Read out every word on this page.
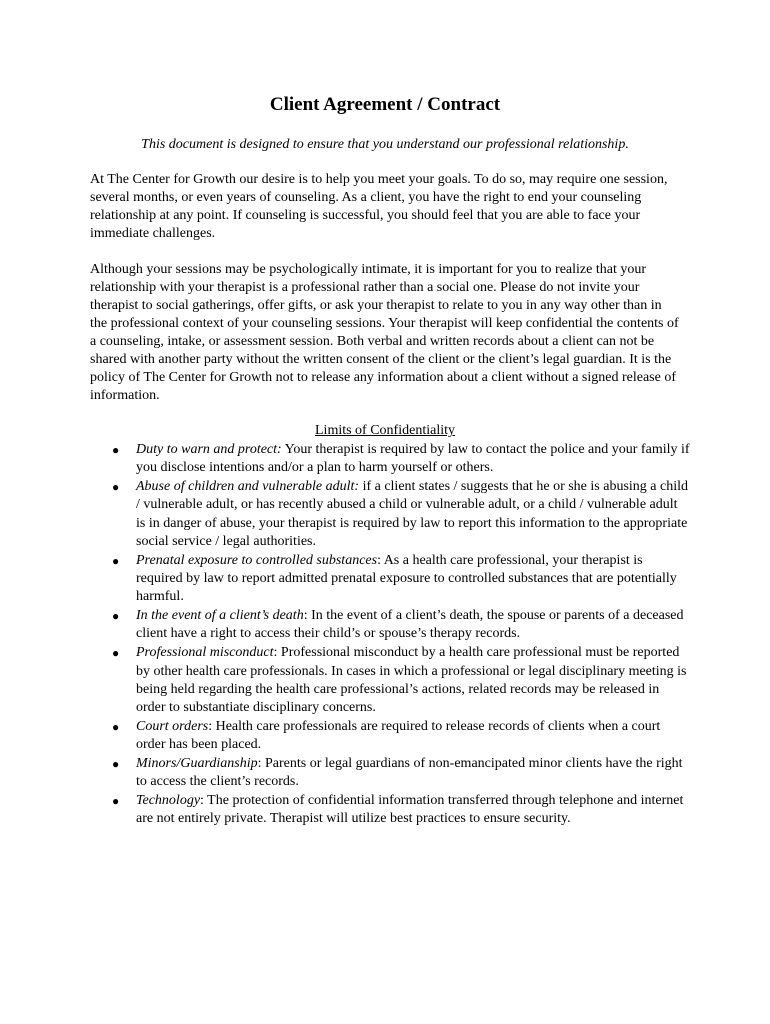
Client Agreement / Contract

This document is designed to ensure that you understand our professional relationship.

At The Center for Growth our desire is to help you meet your goals. To do so, may require one session, several months, or even years of counseling. As a client, you have the right to end your counseling relationship at any point. If counseling is successful, you should feel that you are able to face your immediate challenges.

Although your sessions may be psychologically intimate, it is important for you to realize that your relationship with your therapist is a professional rather than a social one. Please do not invite your therapist to social gatherings, offer gifts, or ask your therapist to relate to you in any way other than in the professional context of your counseling sessions. Your therapist will keep confidential the contents of a counseling, intake, or assessment session. Both verbal and written records about a client can not be shared with another party without the written consent of the client or the client’s legal guardian. It is the policy of The Center for Growth not to release any information about a client without a signed release of information.

Limits of Confidentiality

● Duty to warn and protect: Your therapist is required by law to contact the police and your family if you disclose intentions and/or a plan to harm yourself or others.
● Abuse of children and vulnerable adult: if a client states / suggests that he or she is abusing a child / vulnerable adult, or has recently abused a child or vulnerable adult, or a child / vulnerable adult is in danger of abuse, your therapist is required by law to report this information to the appropriate social service / legal authorities.
● Prenatal exposure to controlled substances: As a health care professional, your therapist is required by law to report admitted prenatal exposure to controlled substances that are potentially harmful.
● In the event of a client’s death: In the event of a client’s death, the spouse or parents of a deceased client have a right to access their child’s or spouse’s therapy records.
● Professional misconduct: Professional misconduct by a health care professional must be reported by other health care professionals. In cases in which a professional or legal disciplinary meeting is being held regarding the health care professional’s actions, related records may be released in order to substantiate disciplinary concerns.
● Court orders: Health care professionals are required to release records of clients when a court order has been placed.
● Minors/Guardianship: Parents or legal guardians of non-emancipated minor clients have the right to access the client’s records.
● Technology: The protection of confidential information transferred through telephone and internet are not entirely private. Therapist will utilize best practices to ensure security.
